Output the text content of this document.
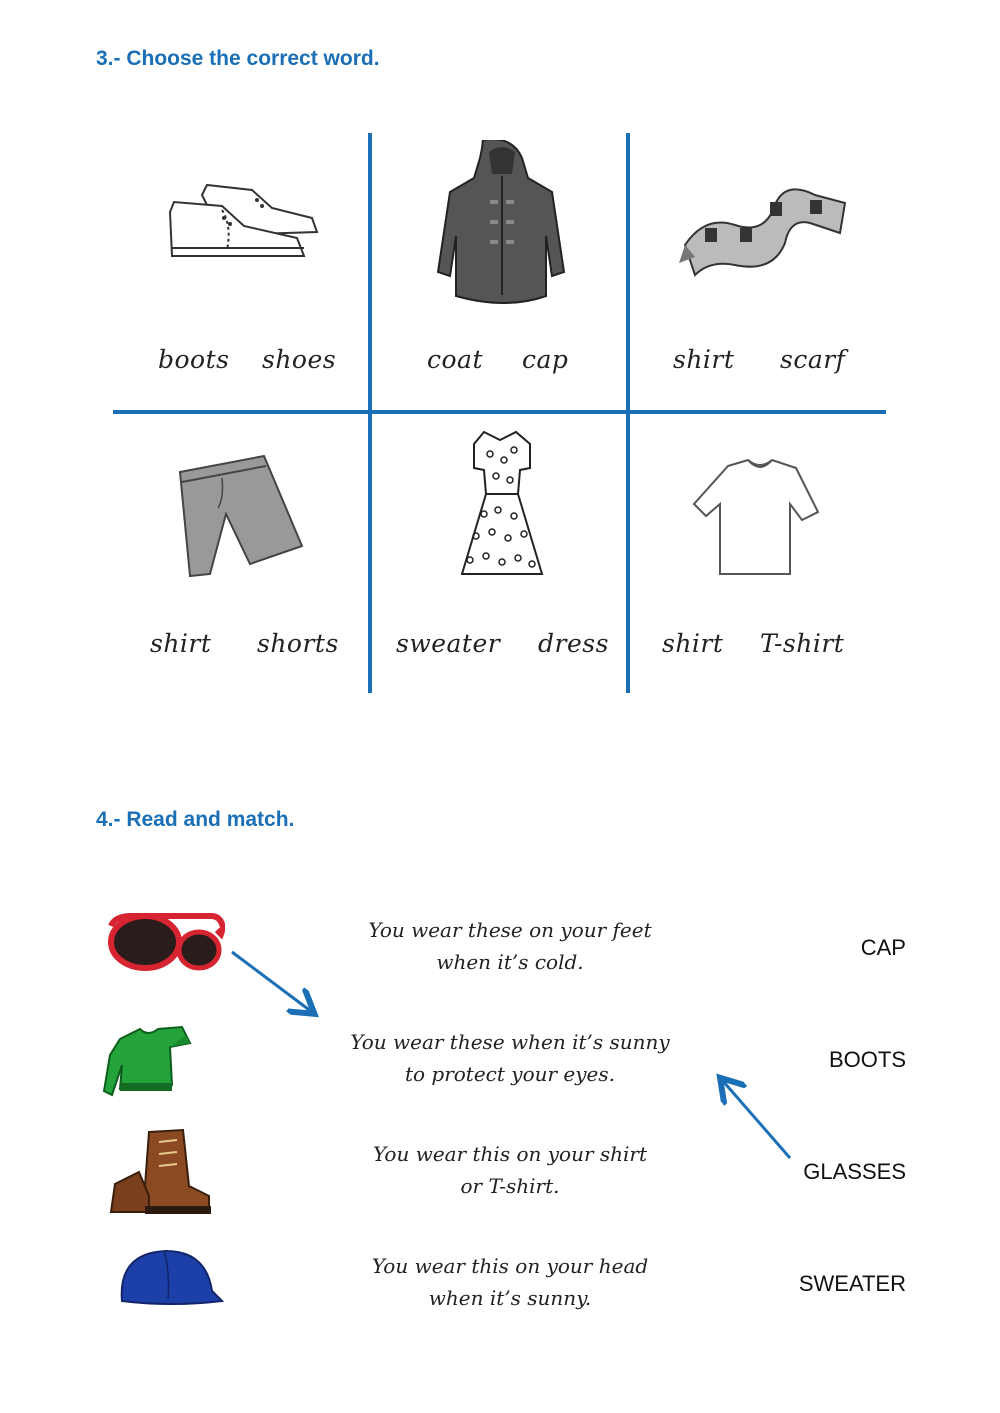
3.- Choose the correct word.
boots shoes	coat cap	shirt scarf
shirt shorts sweater dress shirt T-shirt
4.- Read and match.
You wear these on your feet
when it’s cold.
You wear these when it’s sunny
to protect your eyes.
You wear this on your shirt
or T-shirt.
You wear this on your head
when it’s sunny.
CAP
BOOTS
GLASSES
SWEATER
